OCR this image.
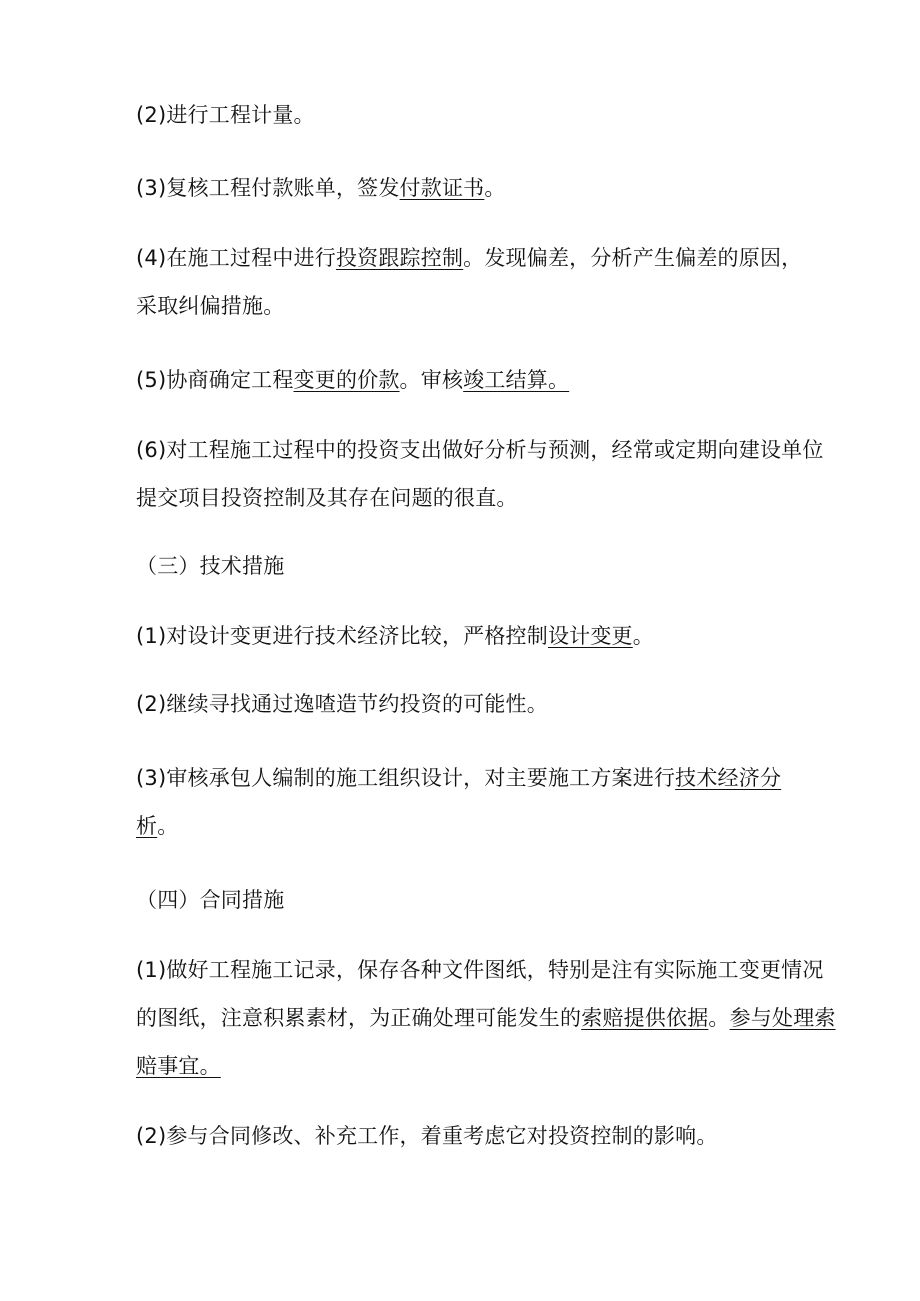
(2)进行工程计量。
(3)复核工程付款账单，签发付款证书。
(4)在施工过程中进行投资跟踪控制。发现偏差，分析产生偏差的原因，
采取纠偏措施。
(5)协商确定工程变更的价款。审核竣工结算。
(6)对工程施工过程中的投资支出做好分析与预测，经常或定期向建设单位
提交项目投资控制及其存在问题的很直。
（三）技术措施
(1)对设计变更进行技术经济比较，严格控制设计变更。
(2)继续寻找通过逸喳造节约投资的可能性。
(3)审核承包人编制的施工组织设计，对主要施工方案进行技术经济分
析。
（四）合同措施
(1)做好工程施工记录，保存各种文件图纸，特别是注有实际施工变更情况
的图纸，注意积累素材，为正确处理可能发生的索赔提供依据。参与处理索
赔事宜。
(2)参与合同修改、补充工作，着重考虑它对投资控制的影响。
